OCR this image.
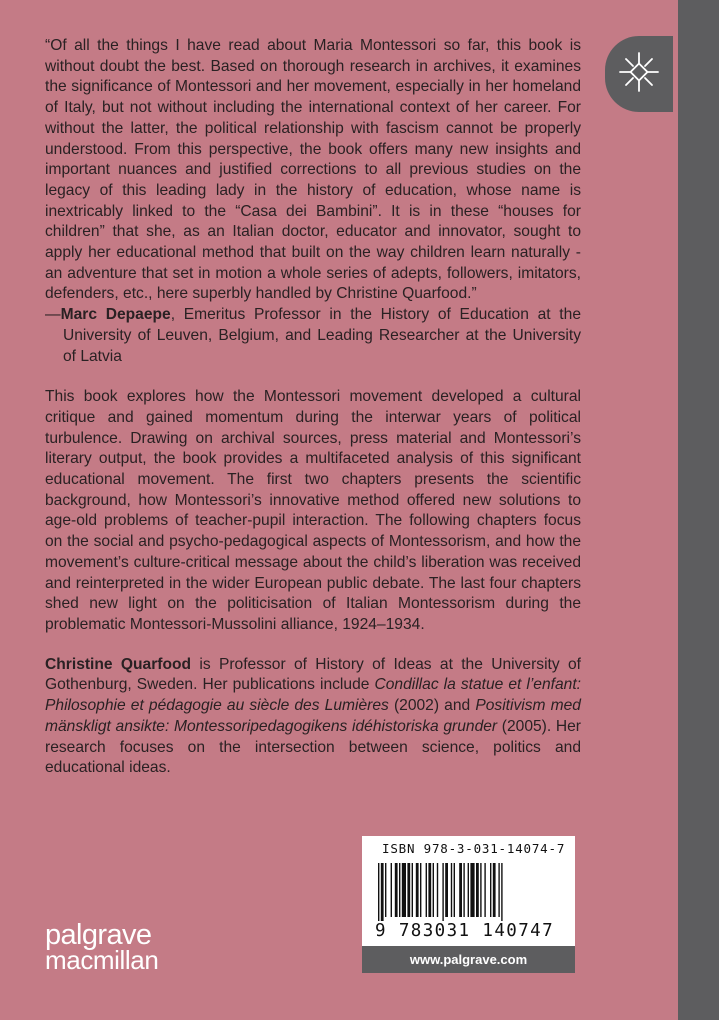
“Of all the things I have read about Maria Montessori so far, this book is without doubt the best. Based on thorough research in archives, it examines the significance of Montessori and her movement, especially in her homeland of Italy, but not without including the international context of her career. For without the latter, the political relationship with fascism cannot be properly understood. From this perspective, the book offers many new insights and important nuances and justified corrections to all previous studies on the legacy of this leading lady in the history of education, whose name is inextricably linked to the “Casa dei Bambini”. It is in these “houses for children” that she, as an Italian doctor, educator and innovator, sought to apply her educational method that built on the way children learn naturally - an adventure that set in motion a whole series of adepts, followers, imitators, defenders, etc., here superbly handled by Christine Quarfood.”

—Marc Depaepe, Emeritus Professor in the History of Education at the University of Leuven, Belgium, and Leading Researcher at the University of Latvia

This book explores how the Montessori movement developed a cultural critique and gained momentum during the interwar years of political turbulence. Drawing on archival sources, press material and Montessori’s literary output, the book provides a multifaceted analysis of this significant educational movement. The first two chapters presents the scientific background, how Montessori’s innovative method offered new solutions to age-old problems of teacher-pupil interaction. The following chapters focus on the social and psycho-pedagogical aspects of Montessorism, and how the movement’s culture-critical message about the child’s liberation was received and reinterpreted in the wider European public debate. The last four chapters shed new light on the politicisation of Italian Montessorism during the problematic Montessori-Mussolini alliance, 1924–1934.

Christine Quarfood is Professor of History of Ideas at the University of Gothenburg, Sweden. Her publications include Condillac la statue et l’enfant: Philosophie et pédagogie au siècle des Lumières (2002) and Positivism med mänskligt ansikte: Montessoripedagogikens idéhistoriska grunder (2005). Her research focuses on the intersection between science, politics and educational ideas.

ISBN 978-3-031-14074-7
9 783031 140747
www.palgrave.com
palgrave
macmillan
